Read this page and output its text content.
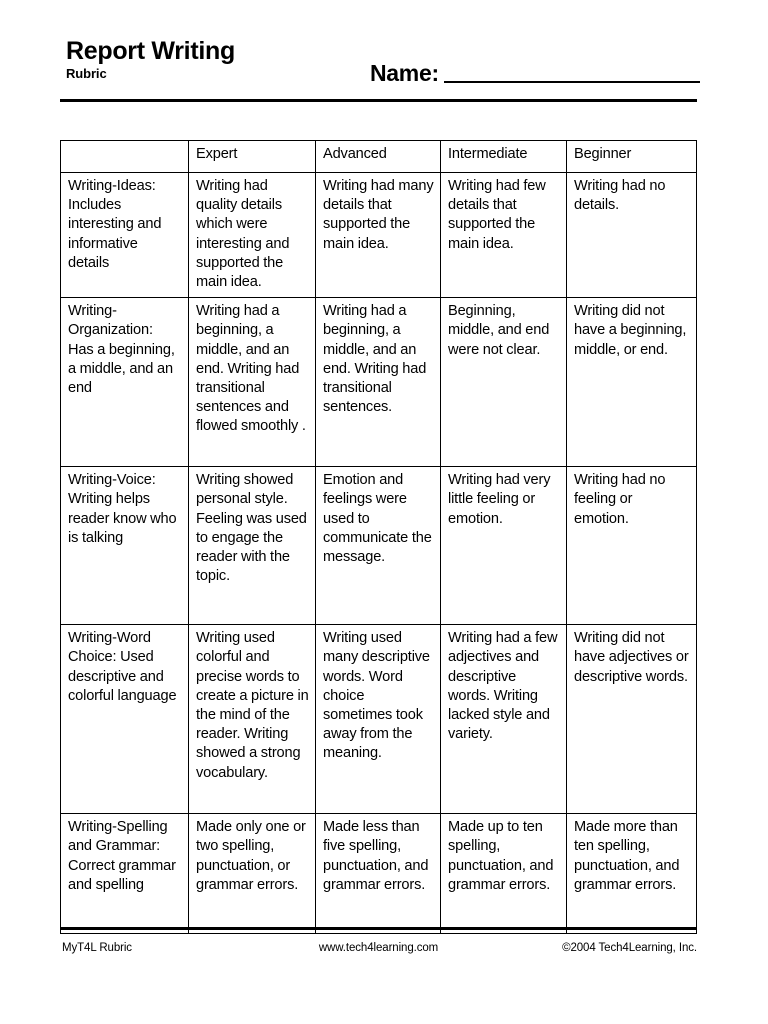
Report Writing
Rubric	Name:
	Expert	Advanced	Intermediate	Beginner

Writing-Ideas: Includes interesting and informative details	Writing had quality details which were interesting and supported the main idea.	Writing had many details that supported the main idea.	Writing had few details that supported the main idea.	Writing had no details.

Writing-Organization: Has a beginning, a middle, and an end	Writing had a beginning, a middle, and an end. Writing had transitional sentences and flowed smoothly .	Writing had a beginning, a middle, and an end. Writing had transitional sentences.	Beginning, middle, and end were not clear.	Writing did not have a beginning, middle, or end.

Writing-Voice: Writing helps reader know who is talking	Writing showed personal style. Feeling was used to engage the reader with the topic.	Emotion and feelings were used to communicate the message.	Writing had very little feeling or emotion.	Writing had no feeling or emotion.

Writing-Word Choice: Used descriptive and colorful language	Writing used colorful and precise words to create a picture in the mind of the reader. Writing showed a strong vocabulary.	Writing used many descriptive words. Word choice sometimes took away from the meaning.	Writing had a few adjectives and descriptive words. Writing lacked style and variety.	Writing did not have adjectives or descriptive words.

Writing-Spelling and Grammar: Correct grammar and spelling	Made only one or two spelling, punctuation, or grammar errors.	Made less than five spelling, punctuation, and grammar errors.	Made up to ten spelling, punctuation, and grammar errors.	Made more than ten spelling, punctuation, and grammar errors.
MyT4L Rubric	www.tech4learning.com	©2004 Tech4Learning, Inc.
